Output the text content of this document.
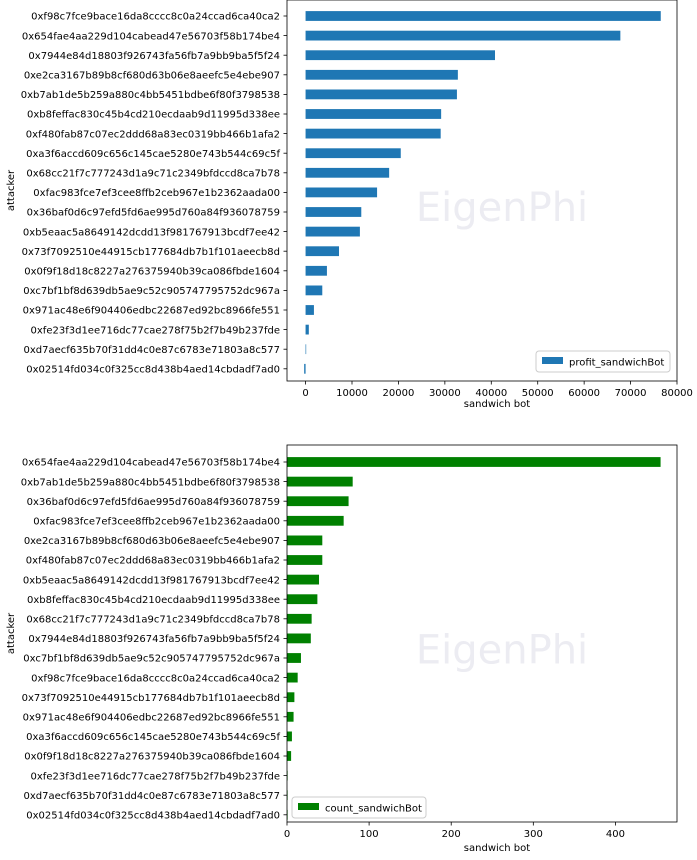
EigenPhi
0xf98c7fce9bace16da8cccc8c0a24ccad6ca40ca2
0x654fae4aa229d104cabead47e56703f58b174be4
0x7944e84d18803f926743fa56fb7a9bb9ba5f5f24
0xe2ca3167b89b8cf680d63b06e8aeefc5e4ebe907
0xb7ab1de5b259a880c4bb5451bdbe6f80f3798538
0xb8feffac830c45b4cd210ecdaab9d11995d338ee
0xf480fab87c07ec2ddd68a83ec0319bb466b1afa2
0xa3f6accd609c656c145cae5280e743b544c69c5f
0x68cc21f7c777243d1a9c71c2349bfdccd8ca7b78
0xfac983fce7ef3cee8ffb2ceb967e1b2362aada00
0x36baf0d6c97efd5fd6ae995d760a84f936078759
0xb5eaac5a8649142dcdd13f981767913bcdf7ee42
0x73f7092510e44915cb177684db7b1f101aeecb8d
0x0f9f18d18c8227a276375940b39ca086fbde1604
0xc7bf1bf8d639db5ae9c52c905747795752dc967a
0x971ac48e6f904406edbc22687ed92bc8966fe551
0xfe23f3d1ee716dc77cae278f75b2f7b49b237fde
0xd7aecf635b70f31dd4c0e87c6783e71803a8c577
0x02514fd034c0f325cc8d438b4aed14cbdadf7ad0
0	10000 20000 30000 40000 50000 60000 70000 80000
sandwich bot
attacker
profit_sandwichBot
EigenPhi
0x654fae4aa229d104cabead47e56703f58b174be4
0xb7ab1de5b259a880c4bb5451bdbe6f80f3798538
0x36baf0d6c97efd5fd6ae995d760a84f936078759
0xfac983fce7ef3cee8ffb2ceb967e1b2362aada00
0xe2ca3167b89b8cf680d63b06e8aeefc5e4ebe907
0xf480fab87c07ec2ddd68a83ec0319bb466b1afa2
0xb5eaac5a8649142dcdd13f981767913bcdf7ee42
0xb8feffac830c45b4cd210ecdaab9d11995d338ee
0x68cc21f7c777243d1a9c71c2349bfdccd8ca7b78
0x7944e84d18803f926743fa56fb7a9bb9ba5f5f24
0xc7bf1bf8d639db5ae9c52c905747795752dc967a
0xf98c7fce9bace16da8cccc8c0a24ccad6ca40ca2
0x73f7092510e44915cb177684db7b1f101aeecb8d
0x971ac48e6f904406edbc22687ed92bc8966fe551
0xa3f6accd609c656c145cae5280e743b544c69c5f
0x0f9f18d18c8227a276375940b39ca086fbde1604
0xfe23f3d1ee716dc77cae278f75b2f7b49b237fde
0xd7aecf635b70f31dd4c0e87c6783e71803a8c577
0x02514fd034c0f325cc8d438b4aed14cbdadf7ad0
0	100	200	300	400
sandwich bot
attacker
count_sandwichBot
